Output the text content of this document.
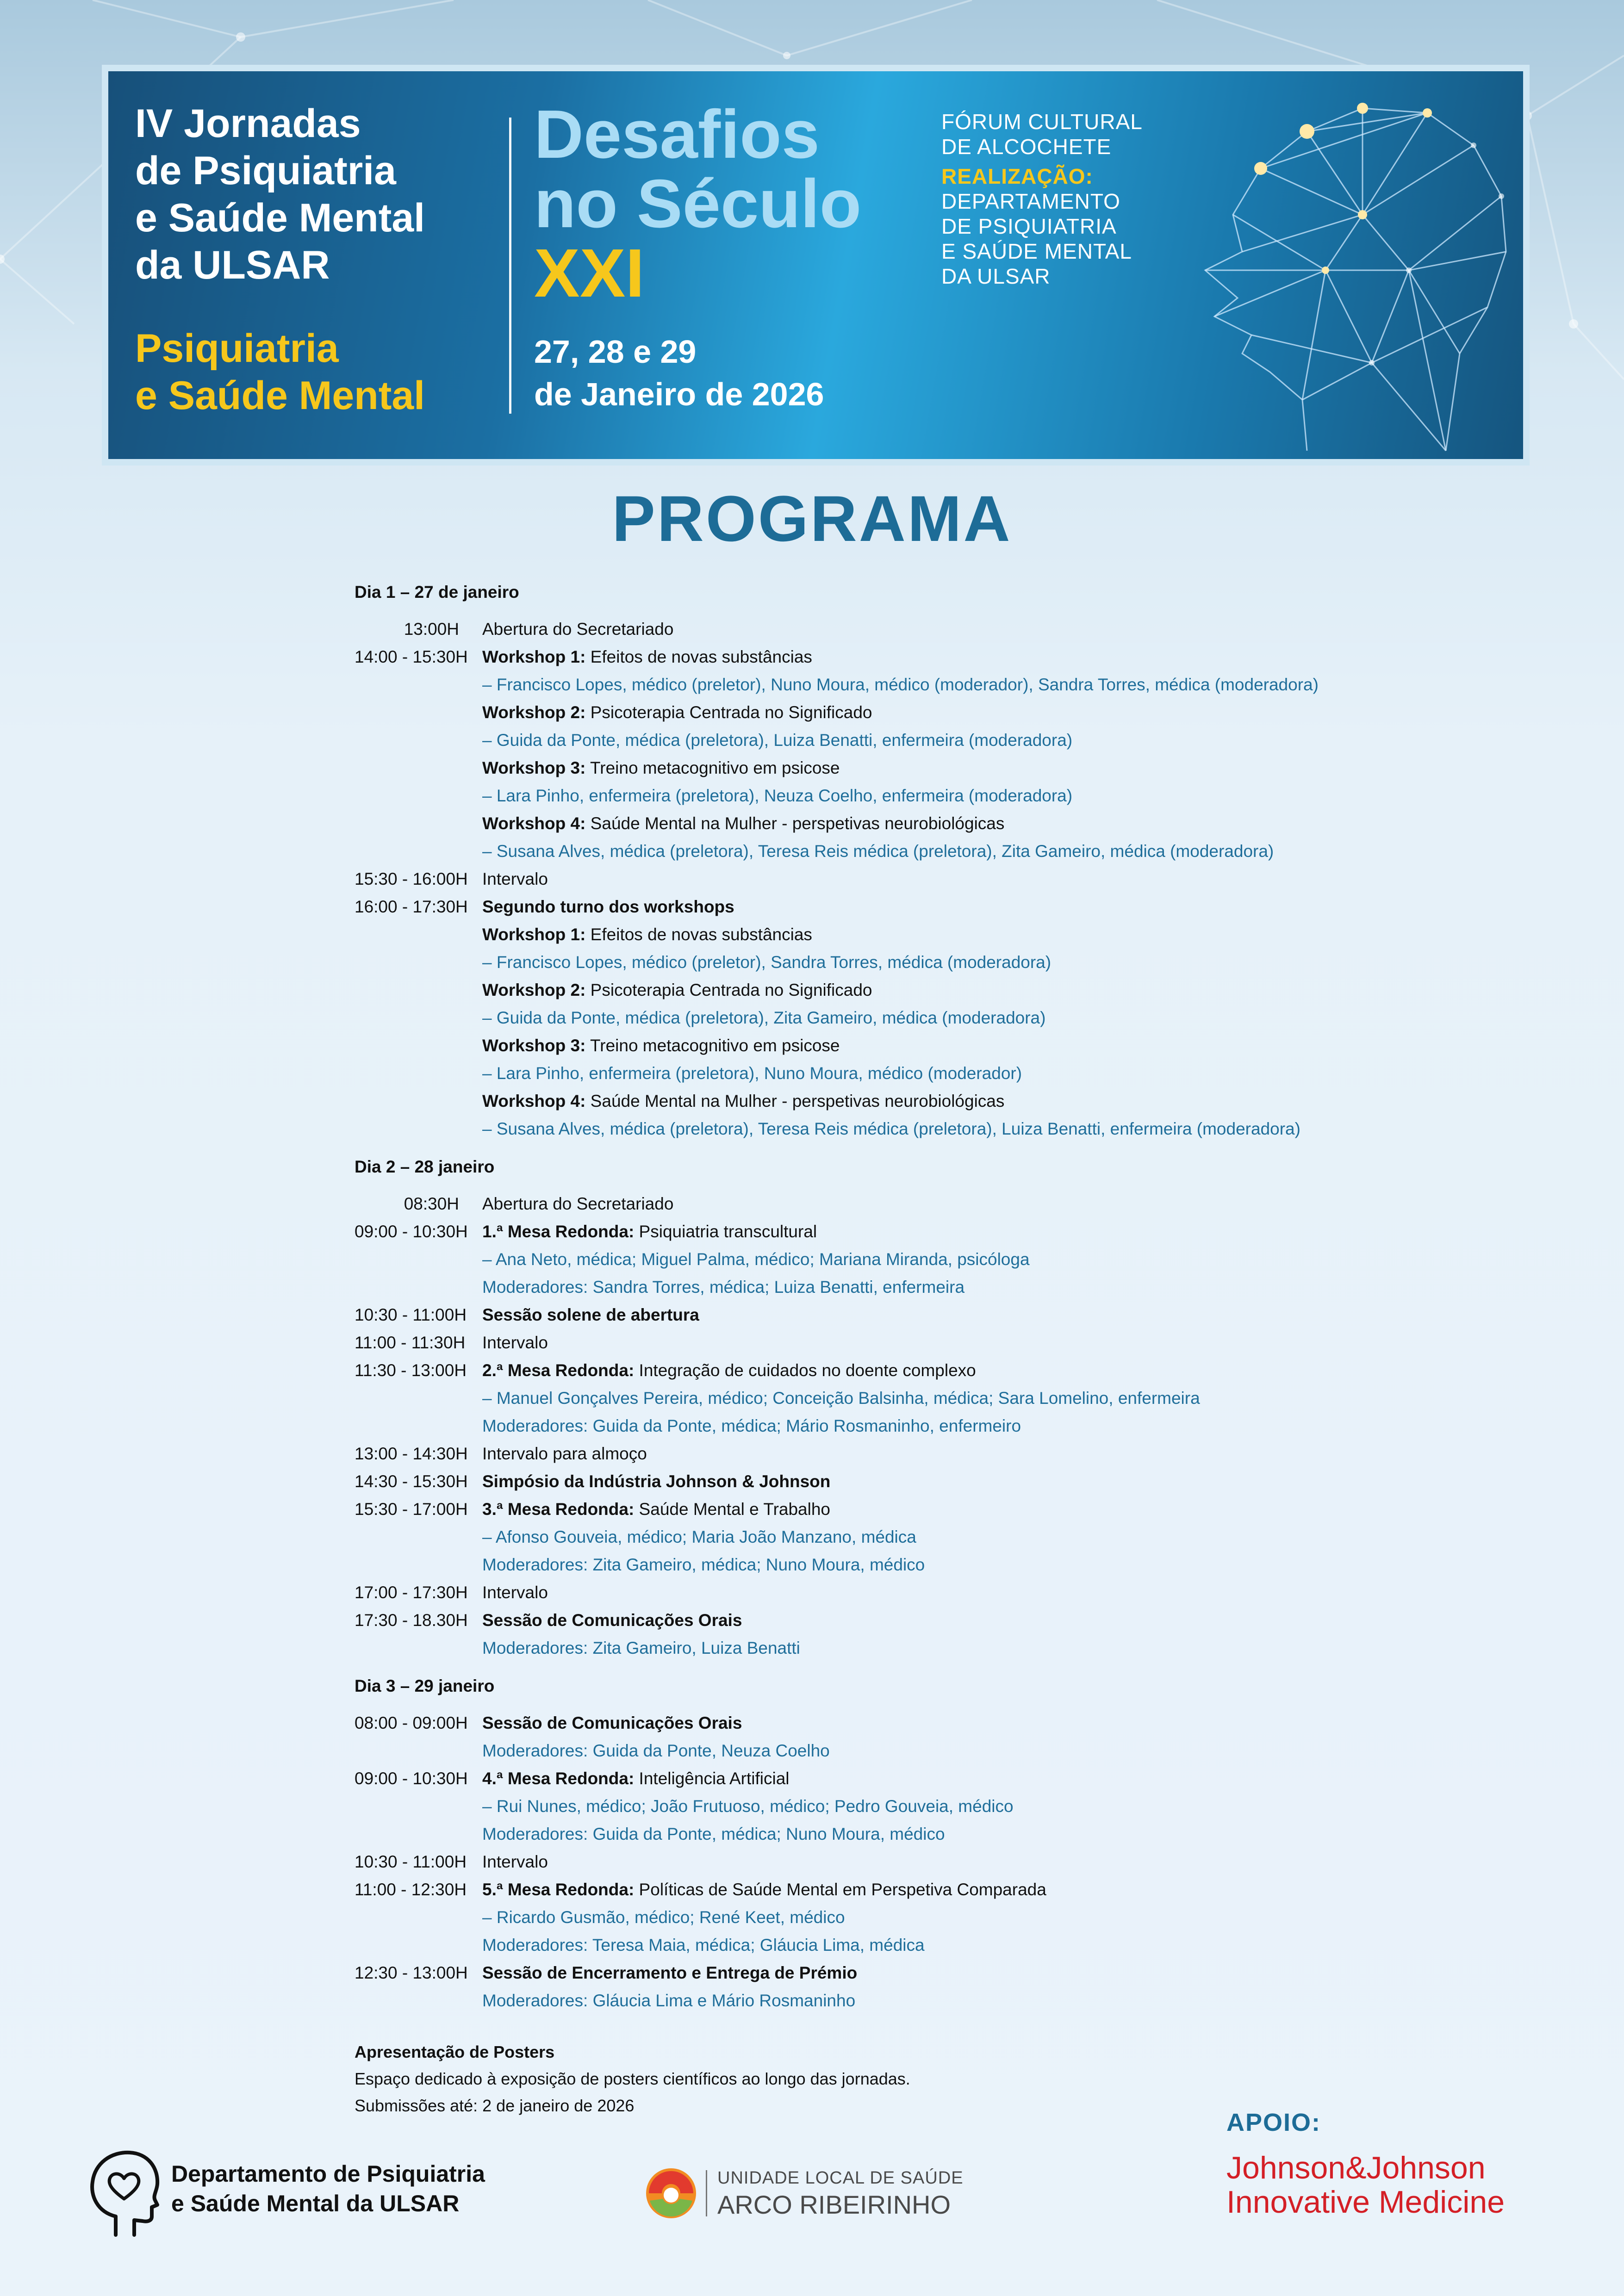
IV Jornadas
de Psiquiatria
e Saúde Mental
da ULSAR
Psiquiatria
e Saúde Mental
Desafios
no Século
XXI
27, 28 e 29
de Janeiro de 2026
FÓRUM CULTURAL
DE ALCOCHETE
REALIZAÇÃO:
DEPARTAMENTO
DE PSIQUIATRIA
E SAÚDE MENTAL
DA ULSAR
PROGRAMA
Dia 1 – 27 de janeiro
13:00H	Abertura do Secretariado
14:00 - 15:30H Workshop 1: Efeitos de novas substâncias
– Francisco Lopes, médico (preletor), Nuno Moura, médico (moderador), Sandra Torres, médica (moderadora)
Workshop 2: Psicoterapia Centrada no Significado
– Guida da Ponte, médica (preletora), Luiza Benatti, enfermeira (moderadora)
Workshop 3: Treino metacognitivo em psicose
– Lara Pinho, enfermeira (preletora), Neuza Coelho, enfermeira (moderadora)
Workshop 4: Saúde Mental na Mulher - perspetivas neurobiológicas
– Susana Alves, médica (preletora), Teresa Reis médica (preletora), Zita Gameiro, médica (moderadora)
15:30 - 16:00H Intervalo
16:00 - 17:30H Segundo turno dos workshops
Workshop 1: Efeitos de novas substâncias
– Francisco Lopes, médico (preletor), Sandra Torres, médica (moderadora)
Workshop 2: Psicoterapia Centrada no Significado
– Guida da Ponte, médica (preletora), Zita Gameiro, médica (moderadora)
Workshop 3: Treino metacognitivo em psicose
– Lara Pinho, enfermeira (preletora), Nuno Moura, médico (moderador)
Workshop 4: Saúde Mental na Mulher - perspetivas neurobiológicas
– Susana Alves, médica (preletora), Teresa Reis médica (preletora), Luiza Benatti, enfermeira (moderadora)
Dia 2 – 28 janeiro
08:30H	Abertura do Secretariado
09:00 - 10:30H 1.ª Mesa Redonda: Psiquiatria transcultural
– Ana Neto, médica; Miguel Palma, médico; Mariana Miranda, psicóloga
Moderadores: Sandra Torres, médica; Luiza Benatti, enfermeira
10:30 - 11:00H Sessão solene de abertura
11:00 - 11:30H Intervalo
11:30 - 13:00H 2.ª Mesa Redonda: Integração de cuidados no doente complexo
– Manuel Gonçalves Pereira, médico; Conceição Balsinha, médica; Sara Lomelino, enfermeira
Moderadores: Guida da Ponte, médica; Mário Rosmaninho, enfermeiro
13:00 - 14:30H Intervalo para almoço
14:30 - 15:30H Simpósio da Indústria Johnson & Johnson
15:30 - 17:00H 3.ª Mesa Redonda: Saúde Mental e Trabalho
– Afonso Gouveia, médico; Maria João Manzano, médica
Moderadores: Zita Gameiro, médica; Nuno Moura, médico
17:00 - 17:30H Intervalo
17:30 - 18.30H Sessão de Comunicações Orais
Moderadores: Zita Gameiro, Luiza Benatti
Dia 3 – 29 janeiro
08:00 - 09:00H Sessão de Comunicações Orais
Moderadores: Guida da Ponte, Neuza Coelho
09:00 - 10:30H 4.ª Mesa Redonda: Inteligência Artificial
– Rui Nunes, médico; João Frutuoso, médico; Pedro Gouveia, médico
Moderadores: Guida da Ponte, médica; Nuno Moura, médico
10:30 - 11:00H Intervalo
11:00 - 12:30H 5.ª Mesa Redonda: Políticas de Saúde Mental em Perspetiva Comparada
– Ricardo Gusmão, médico; René Keet, médico
Moderadores: Teresa Maia, médica; Gláucia Lima, médica
12:30 - 13:00H Sessão de Encerramento e Entrega de Prémio
Moderadores: Gláucia Lima e Mário Rosmaninho
Apresentação de Posters
Espaço dedicado à exposição de posters científicos ao longo das jornadas.
Submissões até: 2 de janeiro de 2026
Departamento de Psiquiatria
e Saúde Mental da ULSAR
UNIDADE LOCAL DE SAÚDE
ARCO RIBEIRINHO
APOIO:
Johnson&Johnson
Innovative Medicine
